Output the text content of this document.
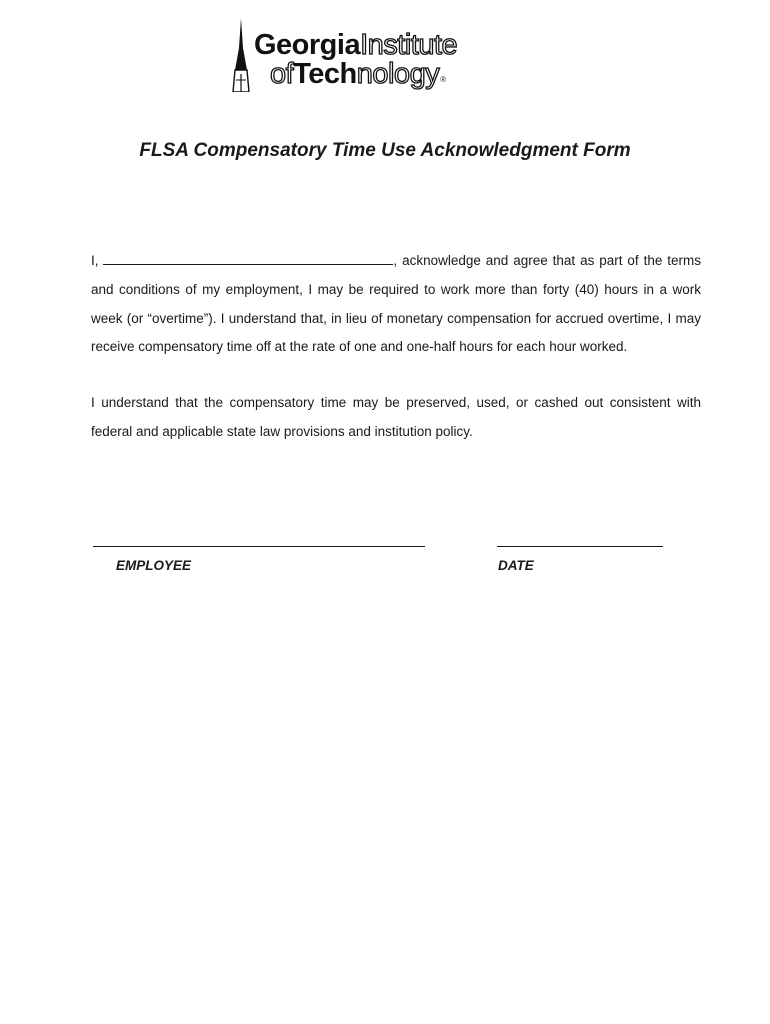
GeorgiaInstitute
ofTechnology®
FLSA Compensatory Time Use Acknowledgment Form

I,	, acknowledge and agree that as part of the terms and conditions of my employment, I may be required to work more than forty (40) hours in a work week (or “overtime”). I understand that, in lieu of monetary compensation for accrued overtime, I may receive compensatory time off at the rate of one and one-half hours for each hour worked.

I understand that the compensatory time may be preserved, used, or cashed out consistent with federal and applicable state law provisions and institution policy.

EMPLOYEE	DATE
